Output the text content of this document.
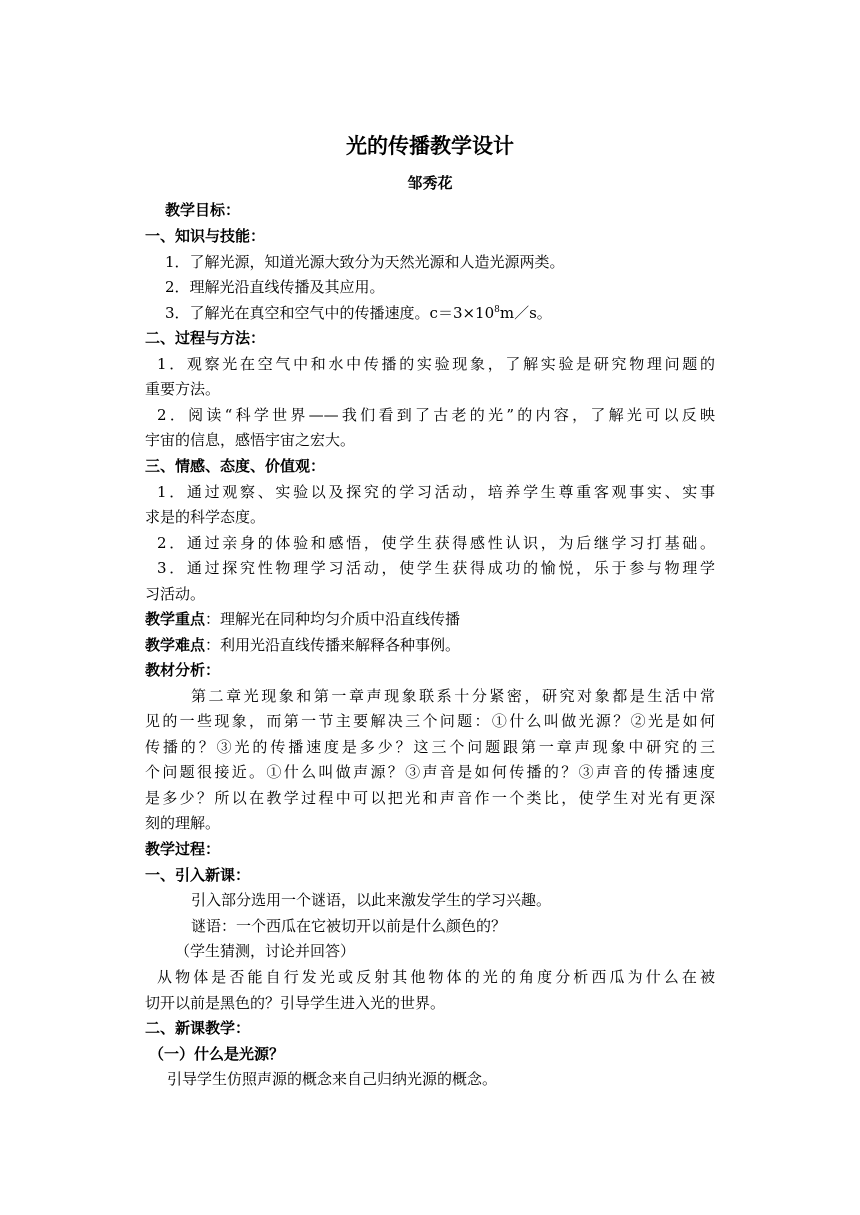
光的传播教学设计
邹秀花
教学目标：
一、知识与技能：
1．了解光源，知道光源大致分为天然光源和人造光源两类。
2．理解光沿直线传播及其应用。
3．了解光在真空和空气中的传播速度。$c=3\times 10^8m/s$。
二、过程与方法：
1．观察光在空气中和水中传播的实验现象，了解实验是研究物理问题的
重要方法。
2．阅读“科学世界——我们看到了古老的光”的内容，了解光可以反映
宇宙的信息，感悟宇宙之宏大。
三、情感、态度、价值观：
1．通过观察、实验以及探究的学习活动，培养学生尊重客观事实、实事
求是的科学态度。
2．通过亲身的体验和感悟，使学生获得感性认识，为后继学习打基础。
3．通过探究性物理学习活动，使学生获得成功的愉悦，乐于参与物理学
习活动。
教学重点：理解光在同种均匀介质中沿直线传播
教学难点：利用光沿直线传播来解释各种事例。
教材分析：
第二章光现象和第一章声现象联系十分紧密，研究对象都是生活中常
见的一些现象，而第一节主要解决三个问题：①什么叫做光源？②光是如何
传播的？③光的传播速度是多少？这三个问题跟第一章声现象中研究的三
个问题很接近。①什么叫做声源？③声音是如何传播的？③声音的传播速度
是多少？所以在教学过程中可以把光和声音作一个类比，使学生对光有更深
刻的理解。
教学过程：
一、引入新课：
引入部分选用一个谜语，以此来激发学生的学习兴趣。
谜语：一个西瓜在它被切开以前是什么颜色的？
（学生猜测，讨论并回答）
从物体是否能自行发光或反射其他物体的光的角度分析西瓜为什么在被
切开以前是黑色的？引导学生进入光的世界。
二、新课教学：
（一）什么是光源？
引导学生仿照声源的概念来自己归纳光源的概念。
